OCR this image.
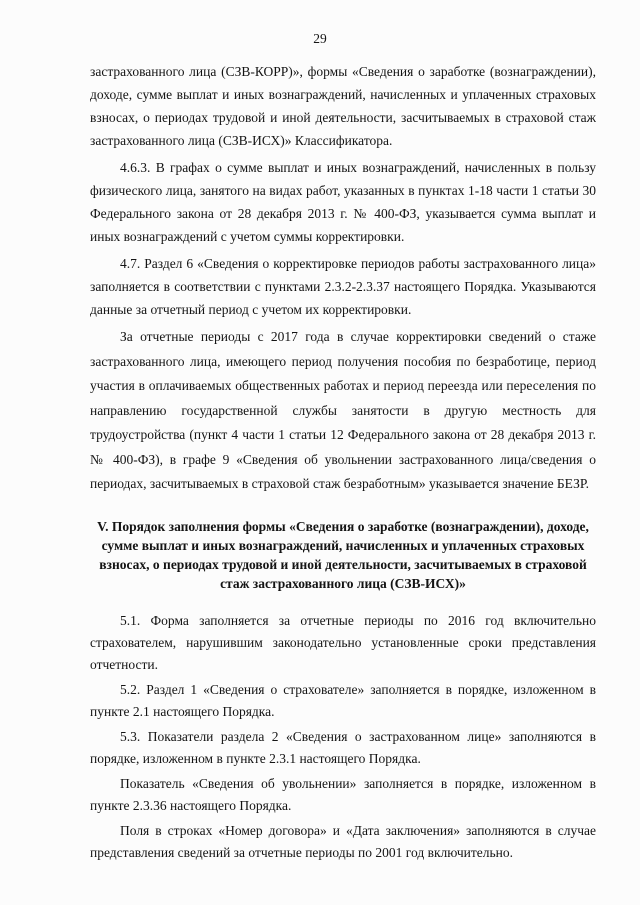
29

застрахованного лица (СЗВ-КОРР)», формы «Сведения о заработке (вознаграждении), доходе, сумме выплат и иных вознаграждений, начисленных и уплаченных страховых взносах, о периодах трудовой и иной деятельности, засчитываемых в страховой стаж застрахованного лица (СЗВ-ИСХ)» Классификатора.

4.6.3. В графах о сумме выплат и иных вознаграждений, начисленных в пользу физического лица, занятого на видах работ, указанных в пунктах 1-18 части 1 статьи 30 Федерального закона от 28 декабря 2013 г. № 400-ФЗ, указывается сумма выплат и иных вознаграждений с учетом суммы корректировки.

4.7. Раздел 6 «Сведения о корректировке периодов работы застрахованного лица» заполняется в соответствии с пунктами 2.3.2-2.3.37 настоящего Порядка. Указываются данные за отчетный период с учетом их корректировки.

За отчетные периоды с 2017 года в случае корректировки сведений о стаже застрахованного лица, имеющего период получения пособия по безработице, период участия в оплачиваемых общественных работах и период переезда или переселения по направлению государственной службы занятости в другую местность для трудоустройства (пункт 4 части 1 статьи 12 Федерального закона от 28 декабря 2013 г. № 400-ФЗ), в графе 9 «Сведения об увольнении застрахованного лица/сведения о периодах, засчитываемых в страховой стаж безработным» указывается значение БЕЗР.

V. Порядок заполнения формы «Сведения о заработке (вознаграждении), доходе, сумме выплат и иных вознаграждений, начисленных и уплаченных страховых взносах, о периодах трудовой и иной деятельности, засчитываемых в страховой стаж застрахованного лица (СЗВ-ИСХ)»

5.1. Форма заполняется за отчетные периоды по 2016 год включительно страхователем, нарушившим законодательно установленные сроки представления отчетности.

5.2. Раздел 1 «Сведения о страхователе» заполняется в порядке, изложенном в пункте 2.1 настоящего Порядка.

5.3. Показатели раздела 2 «Сведения о застрахованном лице» заполняются в порядке, изложенном в пункте 2.3.1 настоящего Порядка.

Показатель «Сведения об увольнении» заполняется в порядке, изложенном в пункте 2.3.36 настоящего Порядка.

Поля в строках «Номер договора» и «Дата заключения» заполняются в случае представления сведений за отчетные периоды по 2001 год включительно.
